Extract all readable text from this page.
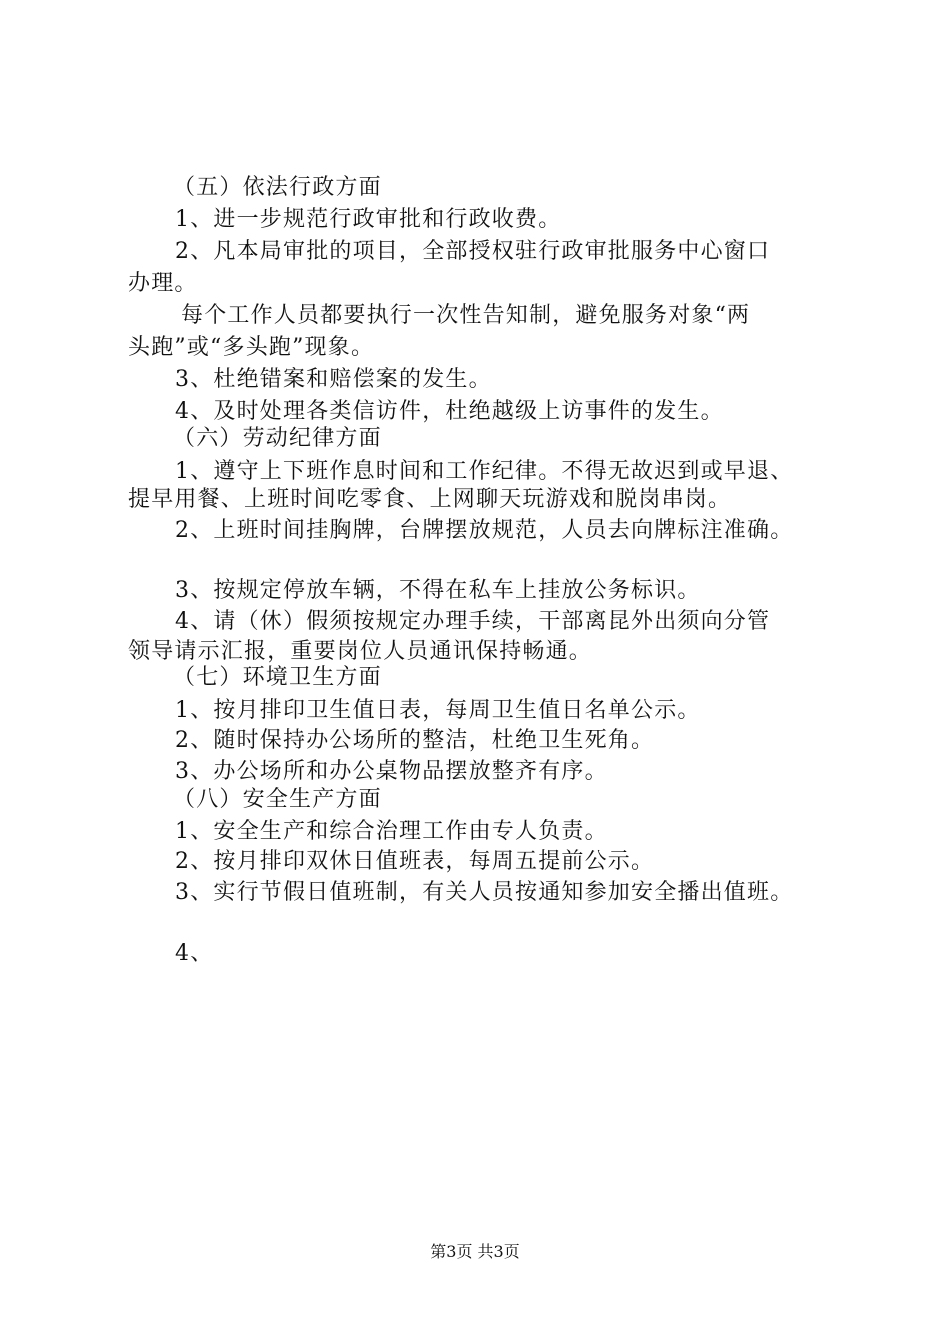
（五）依法行政方面
1、进一步规范行政审批和行政收费。
2、凡本局审批的项目，全部授权驻行政审批服务中心窗口
办理。
每个工作人员都要执行一次性告知制，避免服务对象“两
头跑”或“多头跑”现象。
3、杜绝错案和赔偿案的发生。
4、及时处理各类信访件，杜绝越级上访事件的发生。
（六）劳动纪律方面
1、遵守上下班作息时间和工作纪律。不得无故迟到或早退、
提早用餐、上班时间吃零食、上网聊天玩游戏和脱岗串岗。
2、上班时间挂胸牌，台牌摆放规范，人员去向牌标注准确。
3、按规定停放车辆，不得在私车上挂放公务标识。
4、请（休）假须按规定办理手续，干部离昆外出须向分管
领导请示汇报，重要岗位人员通讯保持畅通。
（七）环境卫生方面
1、按月排印卫生值日表，每周卫生值日名单公示。
2、随时保持办公场所的整洁，杜绝卫生死角。
3、办公场所和办公桌物品摆放整齐有序。
（八）安全生产方面
1、安全生产和综合治理工作由专人负责。
2、按月排印双休日值班表，每周五提前公示。
3、实行节假日值班制，有关人员按通知参加安全播出值班。
4、
第3页 共3页
